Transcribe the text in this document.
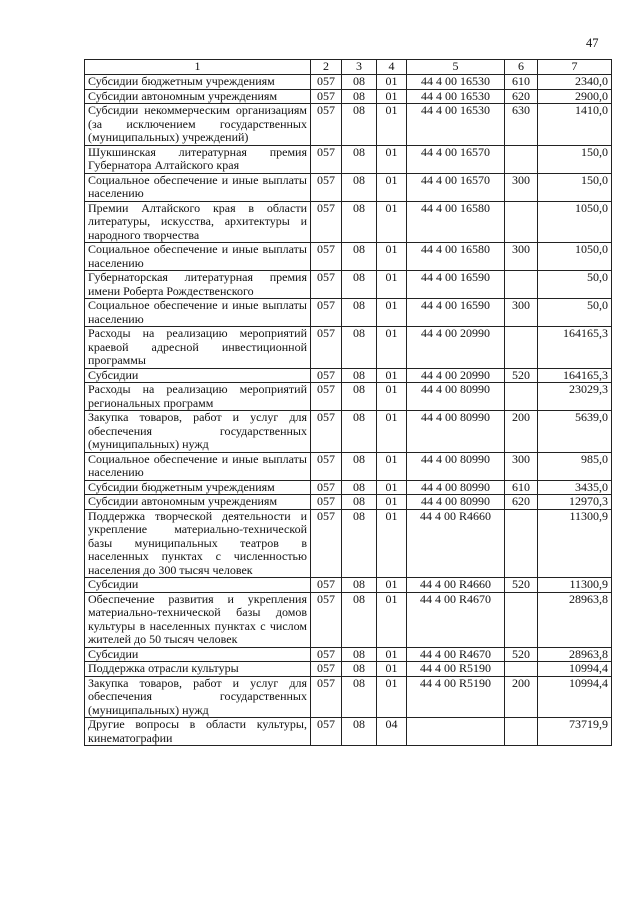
47
1	2	3	4	5	6	7
Субсидии бюджетным учреждениям	057	08	01	44 4 00 16530	610	2340,0
Субсидии автономным учреждениям	057	08	01	44 4 00 16530	620	2900,0
Субсидии некоммерческим организациям (за исключением государственных (муниципальных) учреждений)	057	08	01	44 4 00 16530	630	1410,0
Шукшинская литературная премия Губернатора Алтайского края	057	08	01	44 4 00 16570		150,0
Социальное обеспечение и иные выплаты населению	057	08	01	44 4 00 16570	300	150,0
Премии Алтайского края в области литературы, искусства, архитектуры и народного творчества	057	08	01	44 4 00 16580		1050,0
Социальное обеспечение и иные выплаты населению	057	08	01	44 4 00 16580	300	1050,0
Губернаторская литературная премия имени Роберта Рождественского	057	08	01	44 4 00 16590		50,0
Социальное обеспечение и иные выплаты населению	057	08	01	44 4 00 16590	300	50,0
Расходы на реализацию мероприятий краевой адресной инвестиционной программы	057	08	01	44 4 00 20990		164165,3
Субсидии	057	08	01	44 4 00 20990	520	164165,3
Расходы на реализацию мероприятий региональных программ	057	08	01	44 4 00 80990		23029,3
Закупка товаров, работ и услуг для обеспечения государственных (муниципальных) нужд	057	08	01	44 4 00 80990	200	5639,0
Социальное обеспечение и иные выплаты населению	057	08	01	44 4 00 80990	300	985,0
Субсидии бюджетным учреждениям	057	08	01	44 4 00 80990	610	3435,0
Субсидии автономным учреждениям	057	08	01	44 4 00 80990	620	12970,3
Поддержка творческой деятельности и укрепление материально-технической базы муниципальных театров в населенных пунктах с численностью населения до 300 тысяч человек	057	08	01	44 4 00 R4660		11300,9
Субсидии	057	08	01	44 4 00 R4660	520	11300,9
Обеспечение развития и укрепления материально-технической базы домов культуры в населенных пунктах с числом жителей до 50 тысяч человек	057	08	01	44 4 00 R4670		28963,8
Субсидии	057	08	01	44 4 00 R4670	520	28963,8
Поддержка отрасли культуры	057	08	01	44 4 00 R5190		10994,4
Закупка товаров, работ и услуг для обеспечения государственных (муниципальных) нужд	057	08	01	44 4 00 R5190	200	10994,4
Другие вопросы в области культуры, кинематографии	057	08	04			73719,9
